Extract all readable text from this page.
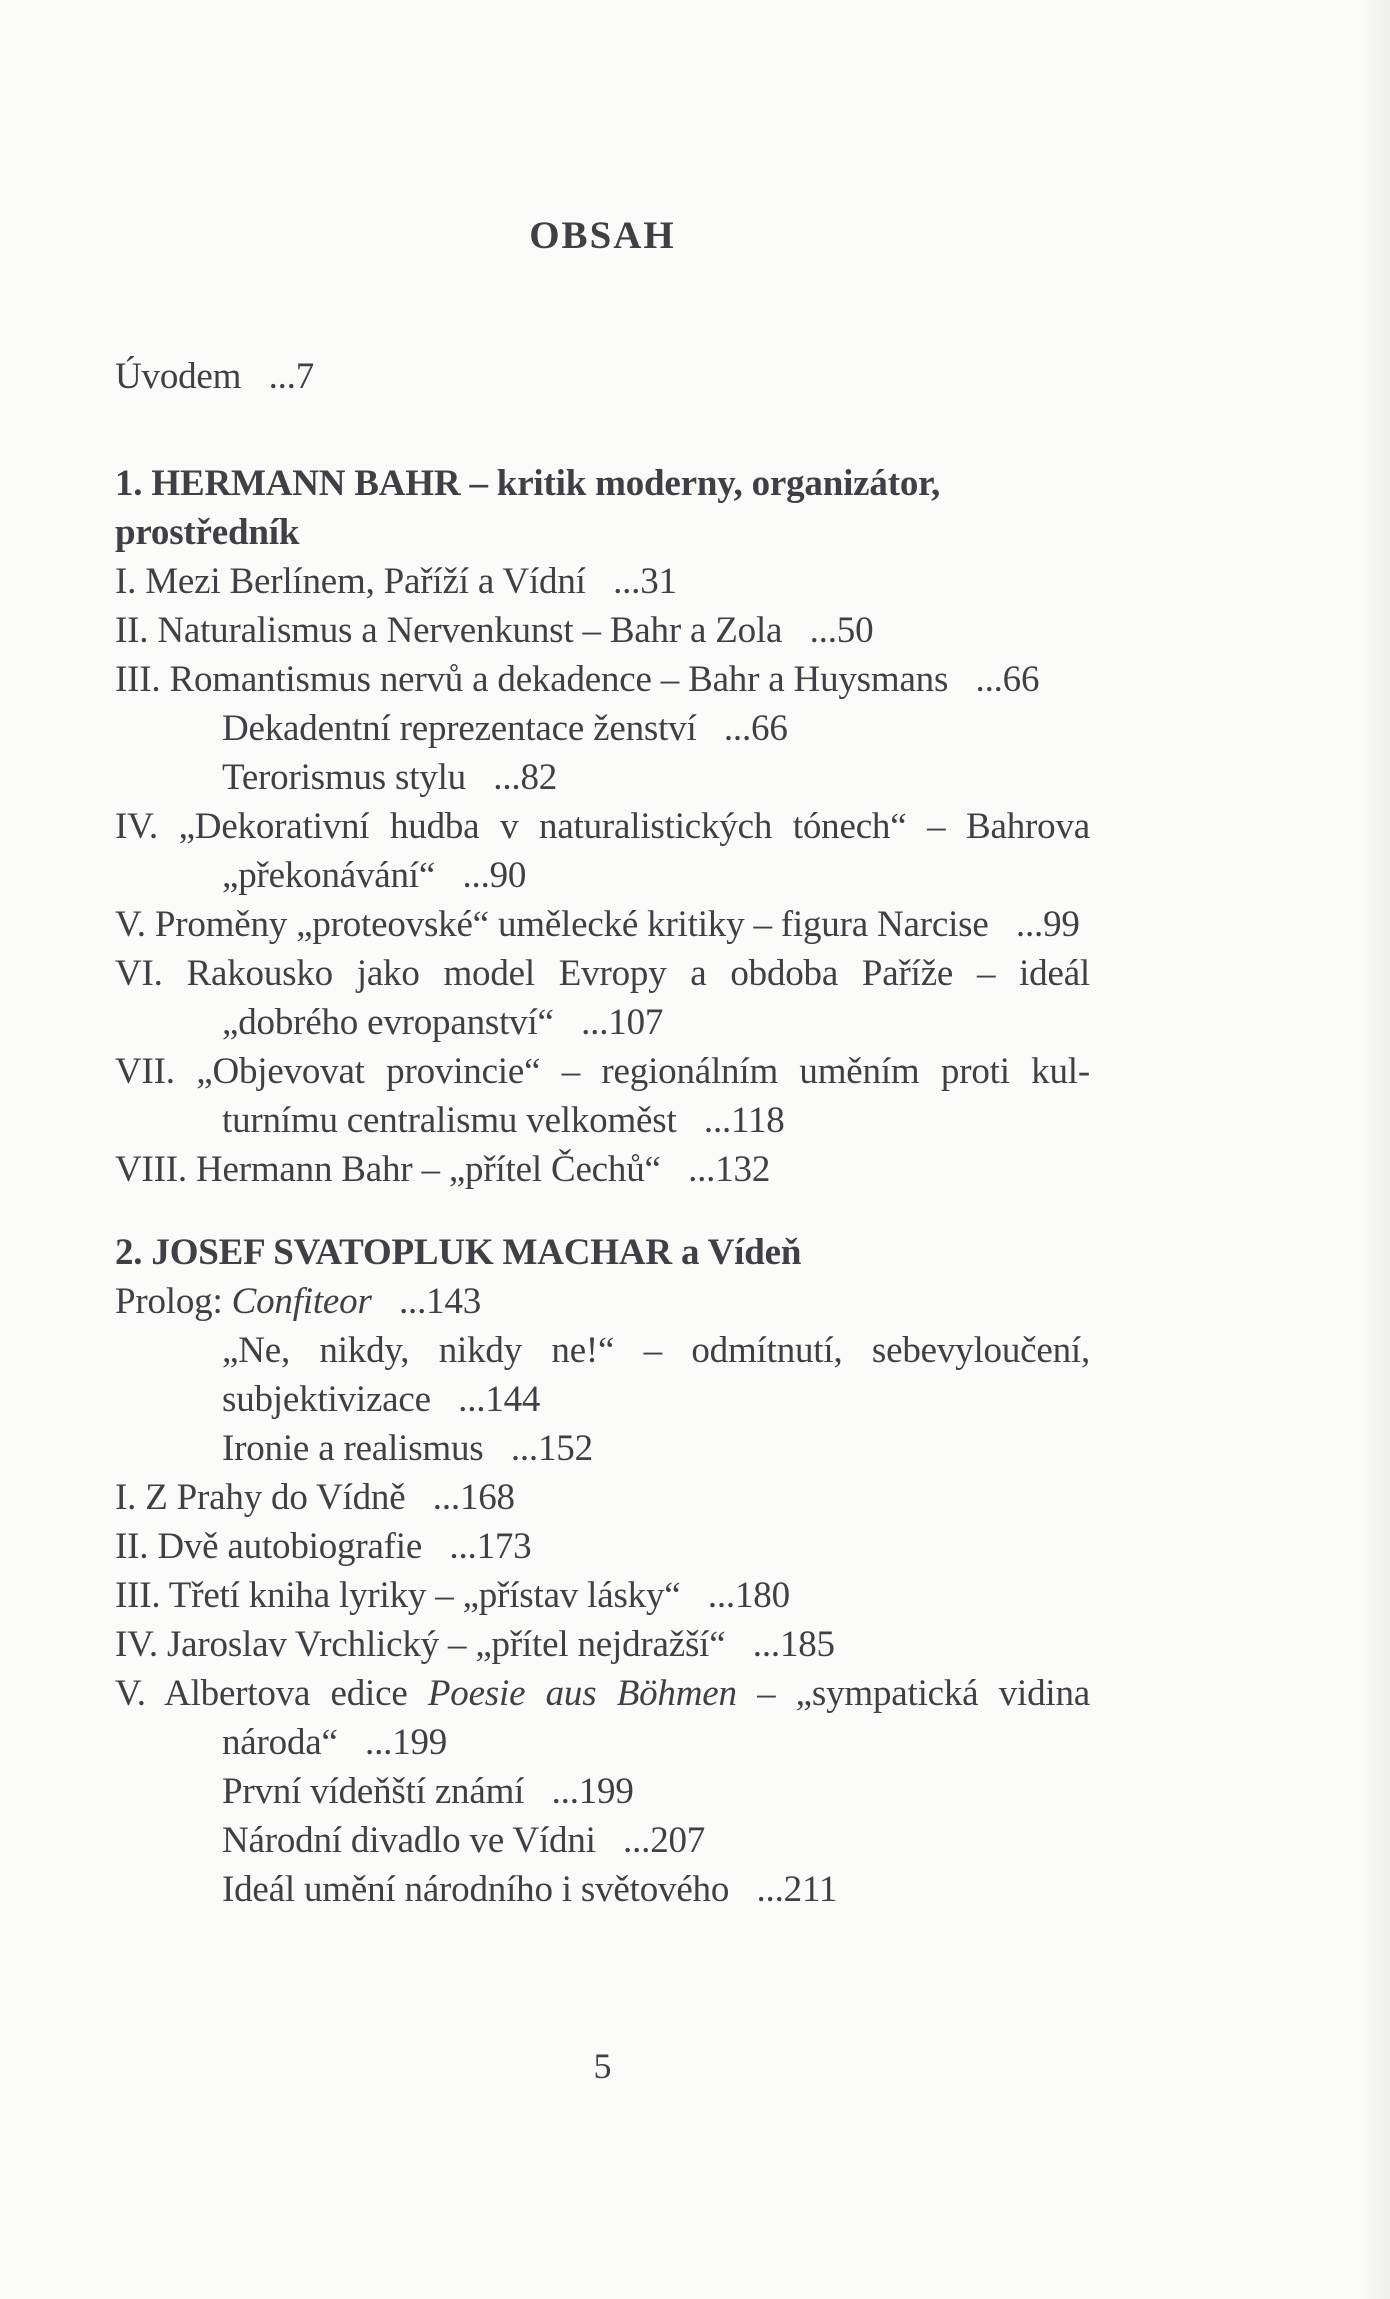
OBSAH
Úvodem  ...7
1. HERMANN BAHR – kritik moderny, organizátor,
prostředník
I. Mezi Berlínem, Paříží a Vídní  ...31
II. Naturalismus a Nervenkunst – Bahr a Zola  ...50
III. Romantismus nervů a dekadence – Bahr a Huysmans  ...66
Dekadentní reprezentace ženství  ...66
Terorismus stylu  ...82
IV. „Dekorativní hudba v naturalistických tónech“ – Bahrova
„překonávání“  ...90
V. Proměny „proteovské“ umělecké kritiky – figura Narcise  ...99
VI. Rakousko jako model Evropy a obdoba Paříže – ideál
„dobrého evropanství“  ...107
VII. „Objevovat provincie“ – regionálním uměním proti kul-
turnímu centralismu velkoměst  ...118
VIII. Hermann Bahr – „přítel Čechů“  ...132
2. JOSEF SVATOPLUK MACHAR a Vídeň
Prolog: Confiteor  ...143
„Ne, nikdy, nikdy ne!“ – odmítnutí, sebevyloučení,
subjektivizace  ...144
Ironie a realismus  ...152
I. Z Prahy do Vídně  ...168
II. Dvě autobiografie  ...173
III. Třetí kniha lyriky – „přístav lásky“  ...180
IV. Jaroslav Vrchlický – „přítel nejdražší“  ...185
V. Albertova edice Poesie aus Böhmen – „sympatická vidina
národa“  ...199
První vídeňští známí  ...199
Národní divadlo ve Vídni  ...207
Ideál umění národního i světového  ...211
5
